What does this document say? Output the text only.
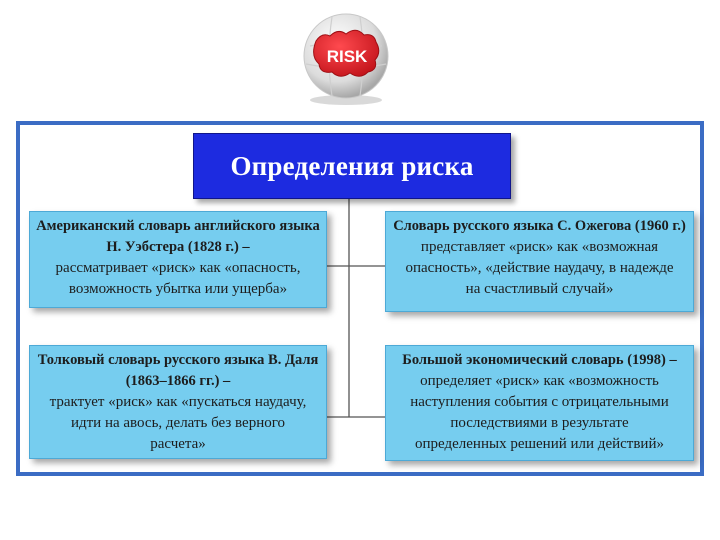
RISK
Определения риска
Американский словарь английского языка
Н. Уэбстера (1828 г.) –
рассматривает «риск» как «опасность,
возможность убытка или ущерба»
Словарь русского языка С. Ожегова (1960 г.)
представляет «риск» как «возможная
опасность», «действие наудачу, в надежде
на счастливый случай»
Толковый словарь русского языка В. Даля
(1863–1866 гг.) –
трактует «риск» как «пускаться наудачу,
идти на авось, делать без верного
расчета»
Большой экономический словарь (1998) –
определяет «риск» как «возможность
наступления события с отрицательными
последствиями в результате
определенных решений или действий»
